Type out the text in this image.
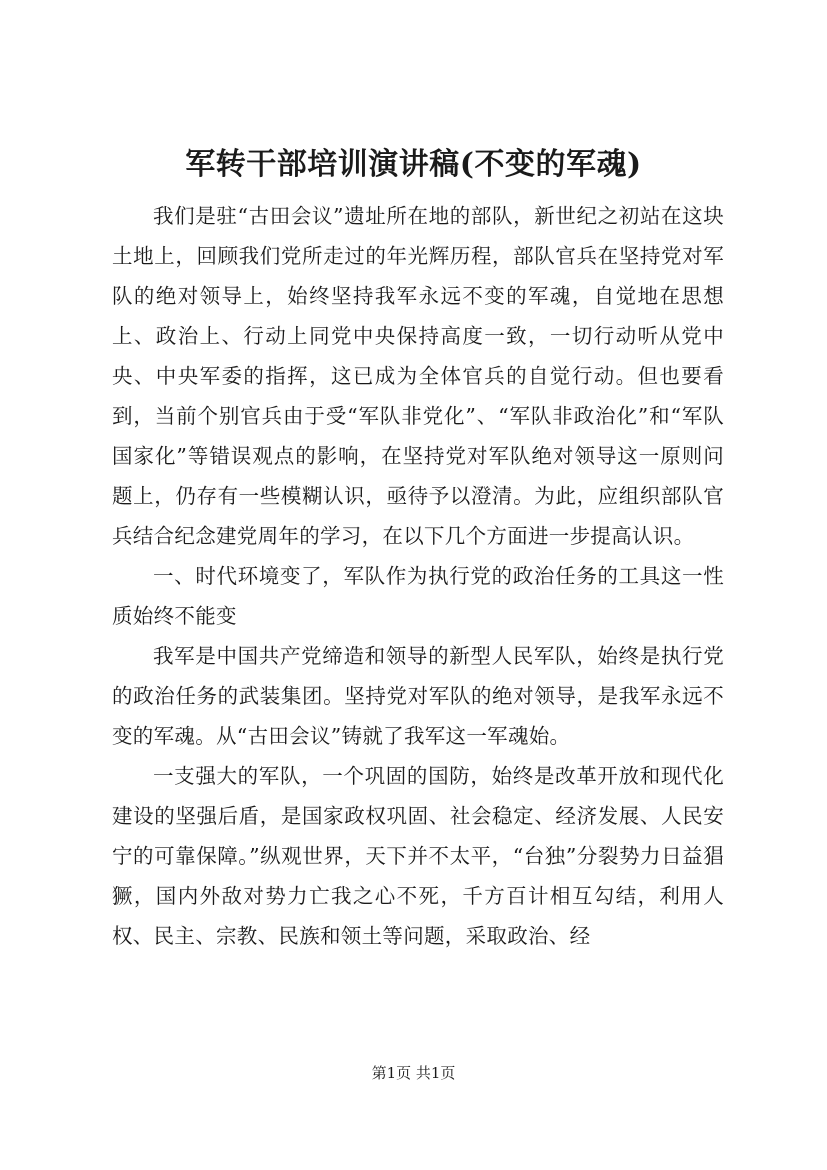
军转干部培训演讲稿(不变的军魂)

我们是驻“古田会议”遗址所在地的部队，新世纪之初站在这块土地上，回顾我们党所走过的年光辉历程，部队官兵在坚持党对军队的绝对领导上，始终坚持我军永远不变的军魂，自觉地在思想上、政治上、行动上同党中央保持高度一致，一切行动听从党中央、中央军委的指挥，这已成为全体官兵的自觉行动。但也要看到，当前个别官兵由于受“军队非党化”、“军队非政治化”和“军队国家化”等错误观点的影响，在坚持党对军队绝对领导这一原则问题上，仍存有一些模糊认识，亟待予以澄清。为此，应组织部队官兵结合纪念建党周年的学习，在以下几个方面进一步提高认识。

一、时代环境变了，军队作为执行党的政治任务的工具这一性质始终不能变

我军是中国共产党缔造和领导的新型人民军队，始终是执行党的政治任务的武装集团。坚持党对军队的绝对领导，是我军永远不变的军魂。从“古田会议”铸就了我军这一军魂始。

一支强大的军队，一个巩固的国防，始终是改革开放和现代化建设的坚强后盾，是国家政权巩固、社会稳定、经济发展、人民安宁的可靠保障。”纵观世界，天下并不太平，“台独”分裂势力日益猖獗，国内外敌对势力亡我之心不死，千方百计相互勾结，利用人权、民主、宗教、民族和领土等问题，采取政治、经

第1页 共1页
